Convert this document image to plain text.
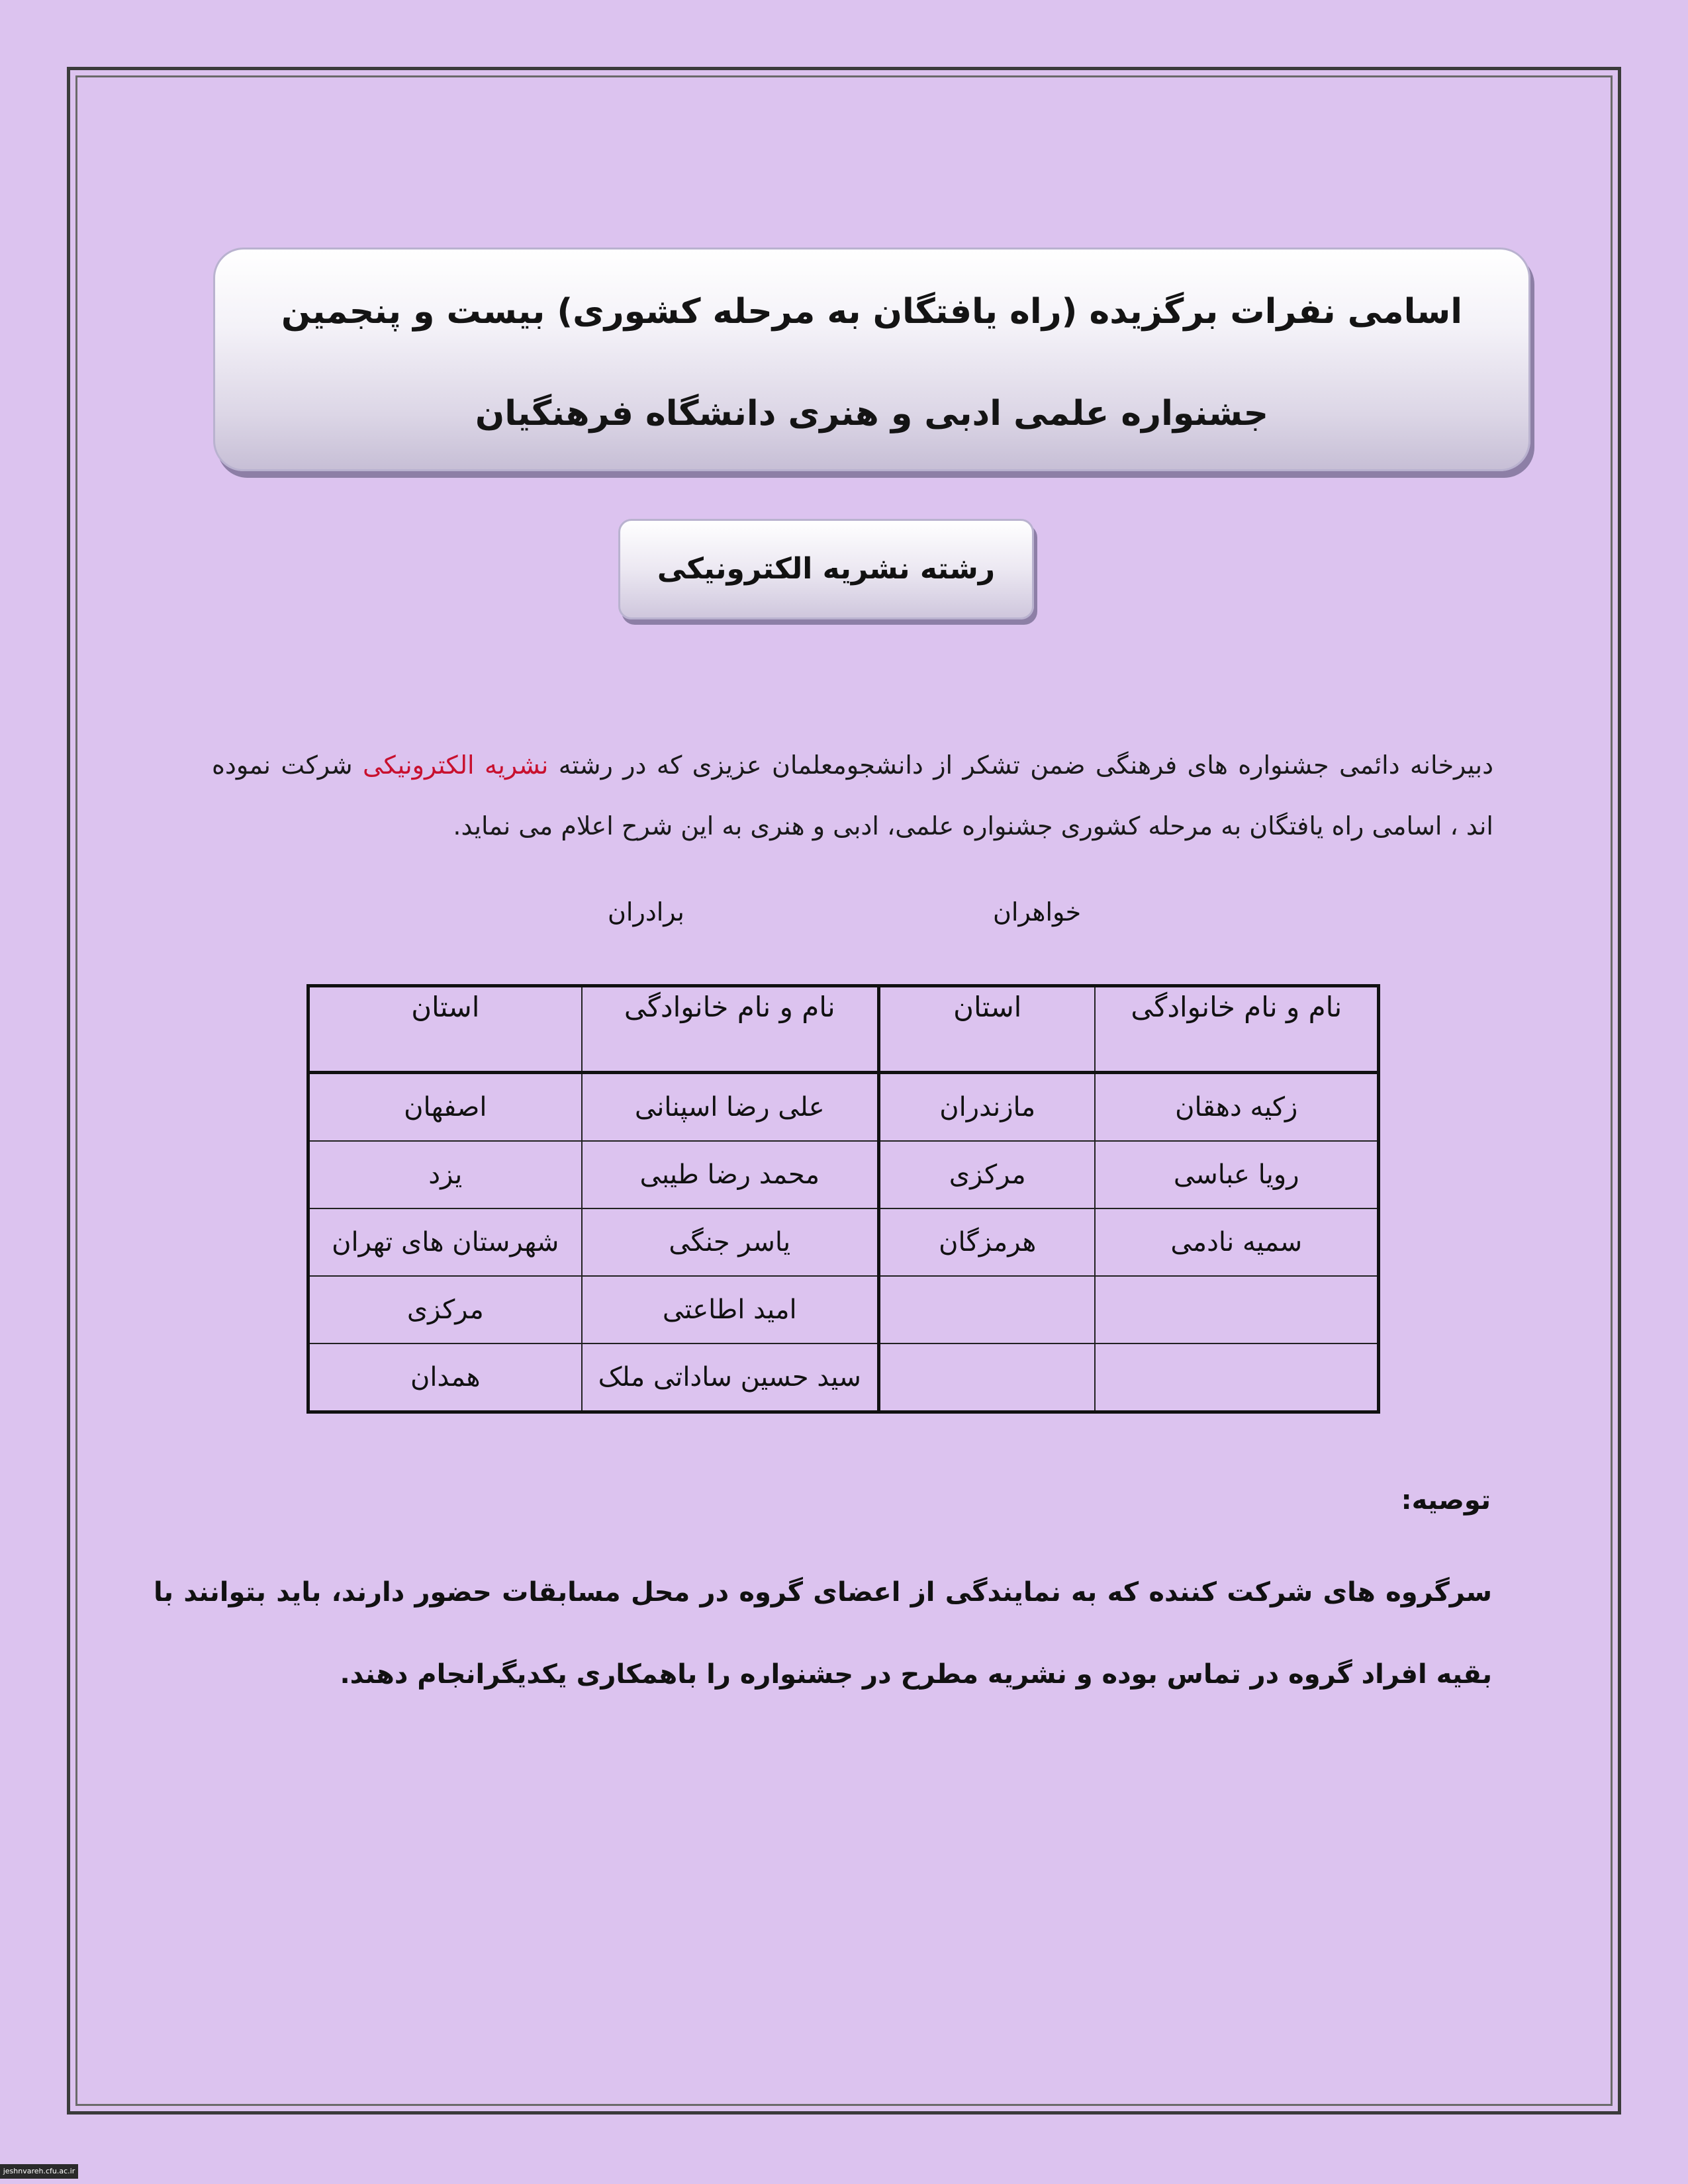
اسامی نفرات برگزیده (راه یافتگان به مرحله کشوری) بیست و پنجمین
جشنواره علمی ادبی و هنری دانشگاه فرهنگیان
رشته نشریه الکترونیکی
دبیرخانه دائمی جشنواره های فرهنگی ضمن تشکر از دانشجومعلمان عزیزی که در رشته نشریه الکترونیکی شرکت نموده اند ، اسامی راه یافتگان به مرحله کشوری جشنواره علمی، ادبی و هنری به این شرح اعلام می نماید.
خواهران
برادران
نام و نام خانوادگی	استان	نام و نام خانوادگی	استان
زکیه دهقان	مازندران	علی رضا اسپنانی	اصفهان
رویا عباسی	مرکزی	محمد رضا طیبی	یزد
سمیه نادمی	هرمزگان	یاسر جنگی	شهرستان های تهران
		امید اطاعتی	مرکزی
		سید حسین ساداتی ملک	همدان
توصیه:
سرگروه های شرکت کننده که به نمایندگی از اعضای گروه در محل مسابقات حضور دارند، باید بتوانند با بقیه افراد گروه در تماس بوده و نشریه مطرح در جشنواره را باهمکاری یکدیگرانجام دهند.
jeshnvareh.cfu.ac.ir
